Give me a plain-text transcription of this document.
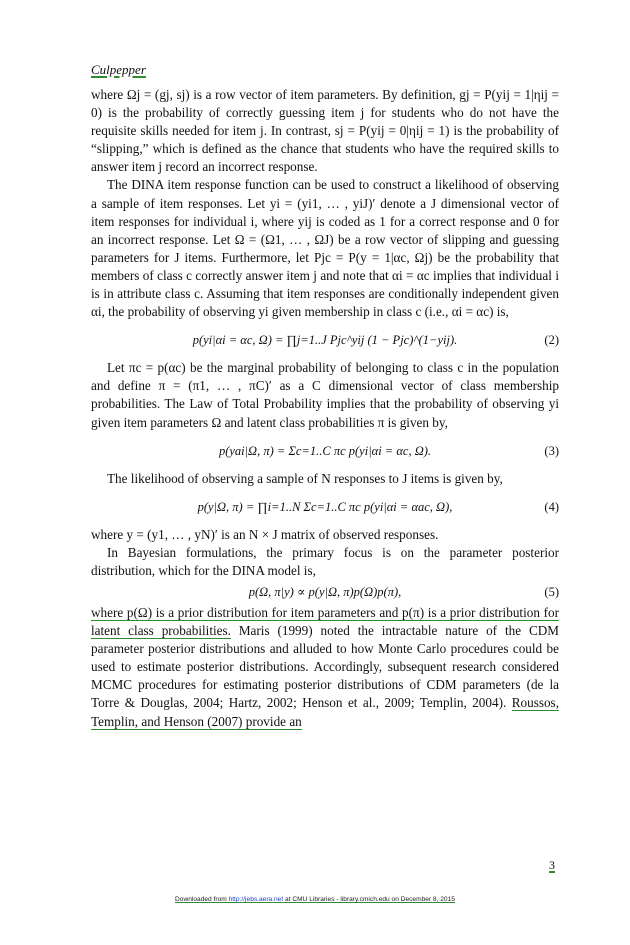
Culpepper

where Ωj = (gj, sj) is a row vector of item parameters. By definition, gj = P(yij = 1|ηij = 0) is the probability of correctly guessing item j for students who do not have the requisite skills needed for item j. In contrast, sj = P(yij = 0|ηij = 1) is the probability of “slipping,” which is defined as the chance that students who have the required skills to answer item j record an incorrect response.

The DINA item response function can be used to construct a likelihood of observing a sample of item responses. Let yi = (yi1, … , yiJ)′ denote a J dimensional vector of item responses for individual i, where yij is coded as 1 for a correct response and 0 for an incorrect response. Let Ω = (Ω1, … , ΩJ) be a row vector of slipping and guessing parameters for J items. Furthermore, let Pjc = P(y = 1|αc, Ωj) be the probability that members of class c correctly answer item j and note that αi = αc implies that individual i is in attribute class c. Assuming that item responses are conditionally independent given αi, the probability of observing yi given membership in class c (i.e., αi = αc) is,

p(yi|αi = αc, Ω) = ∏j=1..J Pjc^yij (1 − Pjc)^(1−yij).	(2)

Let πc = p(αc) be the marginal probability of belonging to class c in the population and define π = (π1, … , πC)′ as a C dimensional vector of class membership probabilities. The Law of Total Probability implies that the probability of observing yi given item parameters Ω and latent class probabilities π is given by,

p(yai|Ω, π) = Σc=1..C πc p(yi|αi = αc, Ω).	(3)

The likelihood of observing a sample of N responses to J items is given by,

p(y|Ω, π) = ∏i=1..N Σc=1..C πc p(yi|αi = αac, Ω),	(4)

where y = (y1, … , yN)′ is an N × J matrix of observed responses.

In Bayesian formulations, the primary focus is on the parameter posterior distribution, which for the DINA model is,

p(Ω, π|y) ∝ p(y|Ω, π)p(Ω)p(π),	(5)

where p(Ω) is a prior distribution for item parameters and p(π) is a prior distribution for latent class probabilities. Maris (1999) noted the intractable nature of the CDM parameter posterior distributions and alluded to how Monte Carlo procedures could be used to estimate posterior distributions. Accordingly, subsequent research considered MCMC procedures for estimating posterior distributions of CDM parameters (de la Torre & Douglas, 2004; Hartz, 2002; Henson et al., 2009; Templin, 2004). Roussos, Templin, and Henson (2007) provide an

3
Downloaded from http://jebs.aera.net at CMU Libraries - library.cmich.edu on December 8, 2015
